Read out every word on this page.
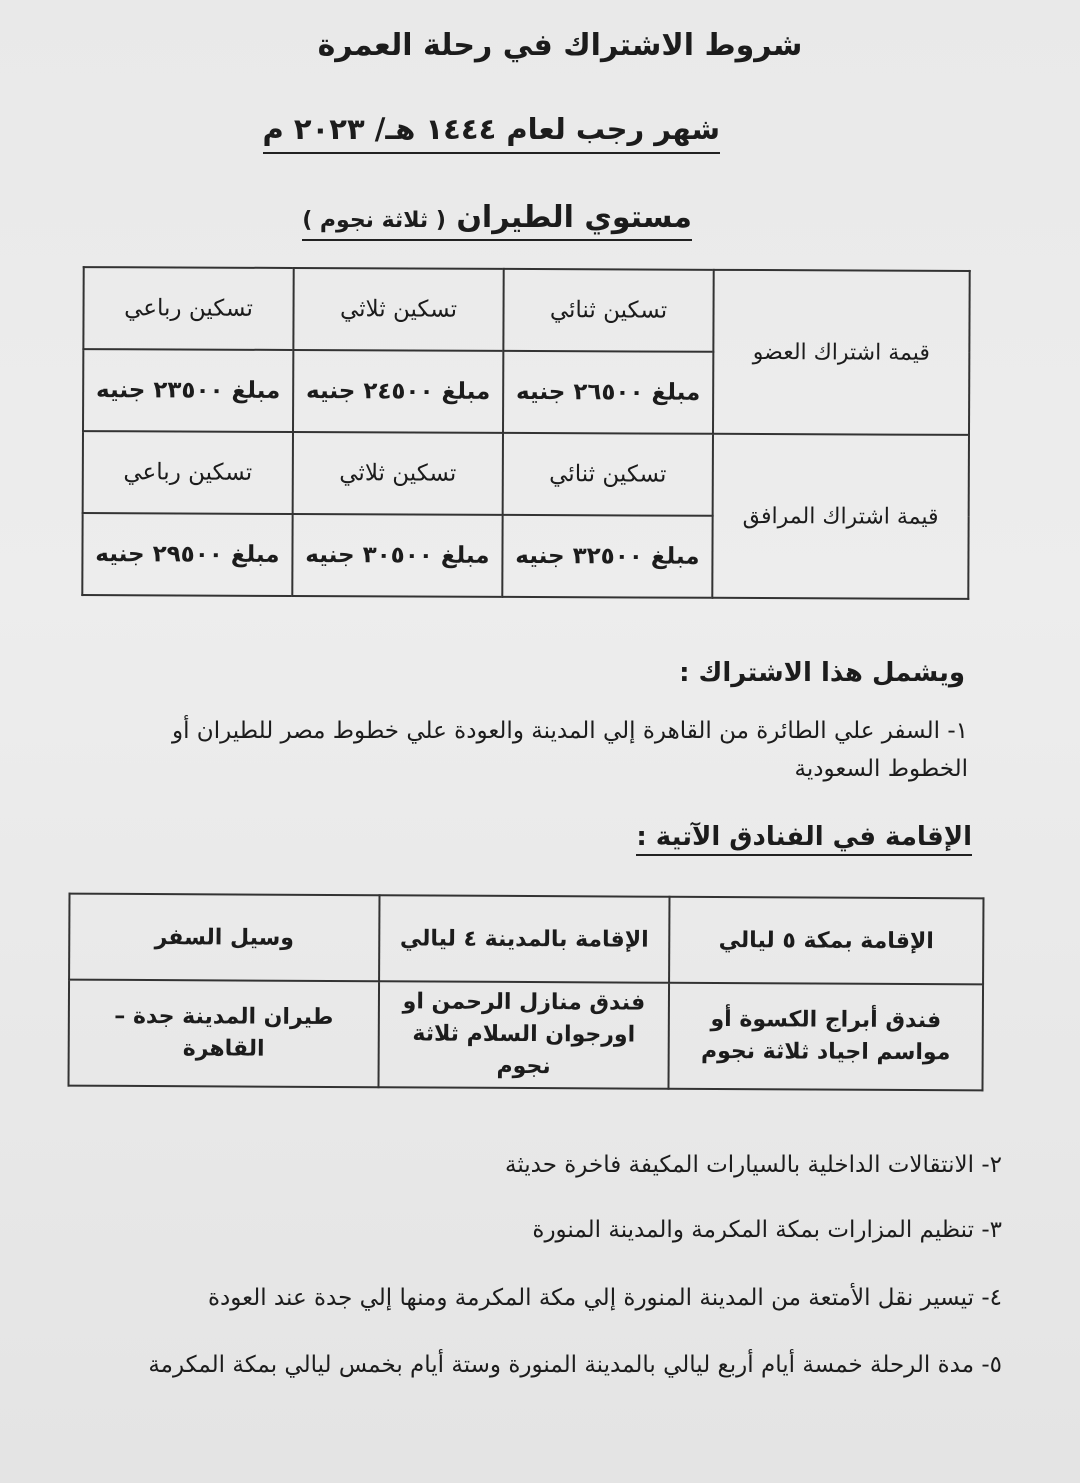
شروط الاشتراك في رحلة العمرة
شهر رجب لعام ١٤٤٤ هـ/ ٢٠٢٣ م
مستوي الطيران ( ثلاثة نجوم )
قيمة اشتراك العضو	تسكين ثنائي	تسكين ثلاثي	تسكين رباعي
	مبلغ ٢٦٥٠٠ جنيه	مبلغ ٢٤٥٠٠ جنيه	مبلغ ٢٣٥٠٠ جنيه
قيمة اشتراك المرافق	تسكين ثنائي	تسكين ثلاثي	تسكين رباعي
	مبلغ ٣٢٥٠٠ جنيه	مبلغ ٣٠٥٠٠ جنيه	مبلغ ٢٩٥٠٠ جنيه
ويشمل هذا الاشتراك :
١- السفر علي الطائرة من القاهرة إلي المدينة والعودة علي خطوط مصر للطيران أو الخطوط السعودية
الإقامة في الفنادق الآتية :
الإقامة بمكة ٥ ليالي	الإقامة بالمدينة ٤ ليالي	وسيل السفر
فندق أبراج الكسوة أو مواسم اجياد ثلاثة نجوم	فندق منازل الرحمن او اورجوان السلام ثلاثة نجوم	طيران المدينة جدة – القاهرة
٢- الانتقالات الداخلية بالسيارات المكيفة فاخرة حديثة
٣- تنظيم المزارات بمكة المكرمة والمدينة المنورة
٤- تيسير نقل الأمتعة من المدينة المنورة إلي مكة المكرمة ومنها إلي جدة عند العودة
٥- مدة الرحلة خمسة أيام أربع ليالي بالمدينة المنورة وستة أيام بخمس ليالي بمكة المكرمة
